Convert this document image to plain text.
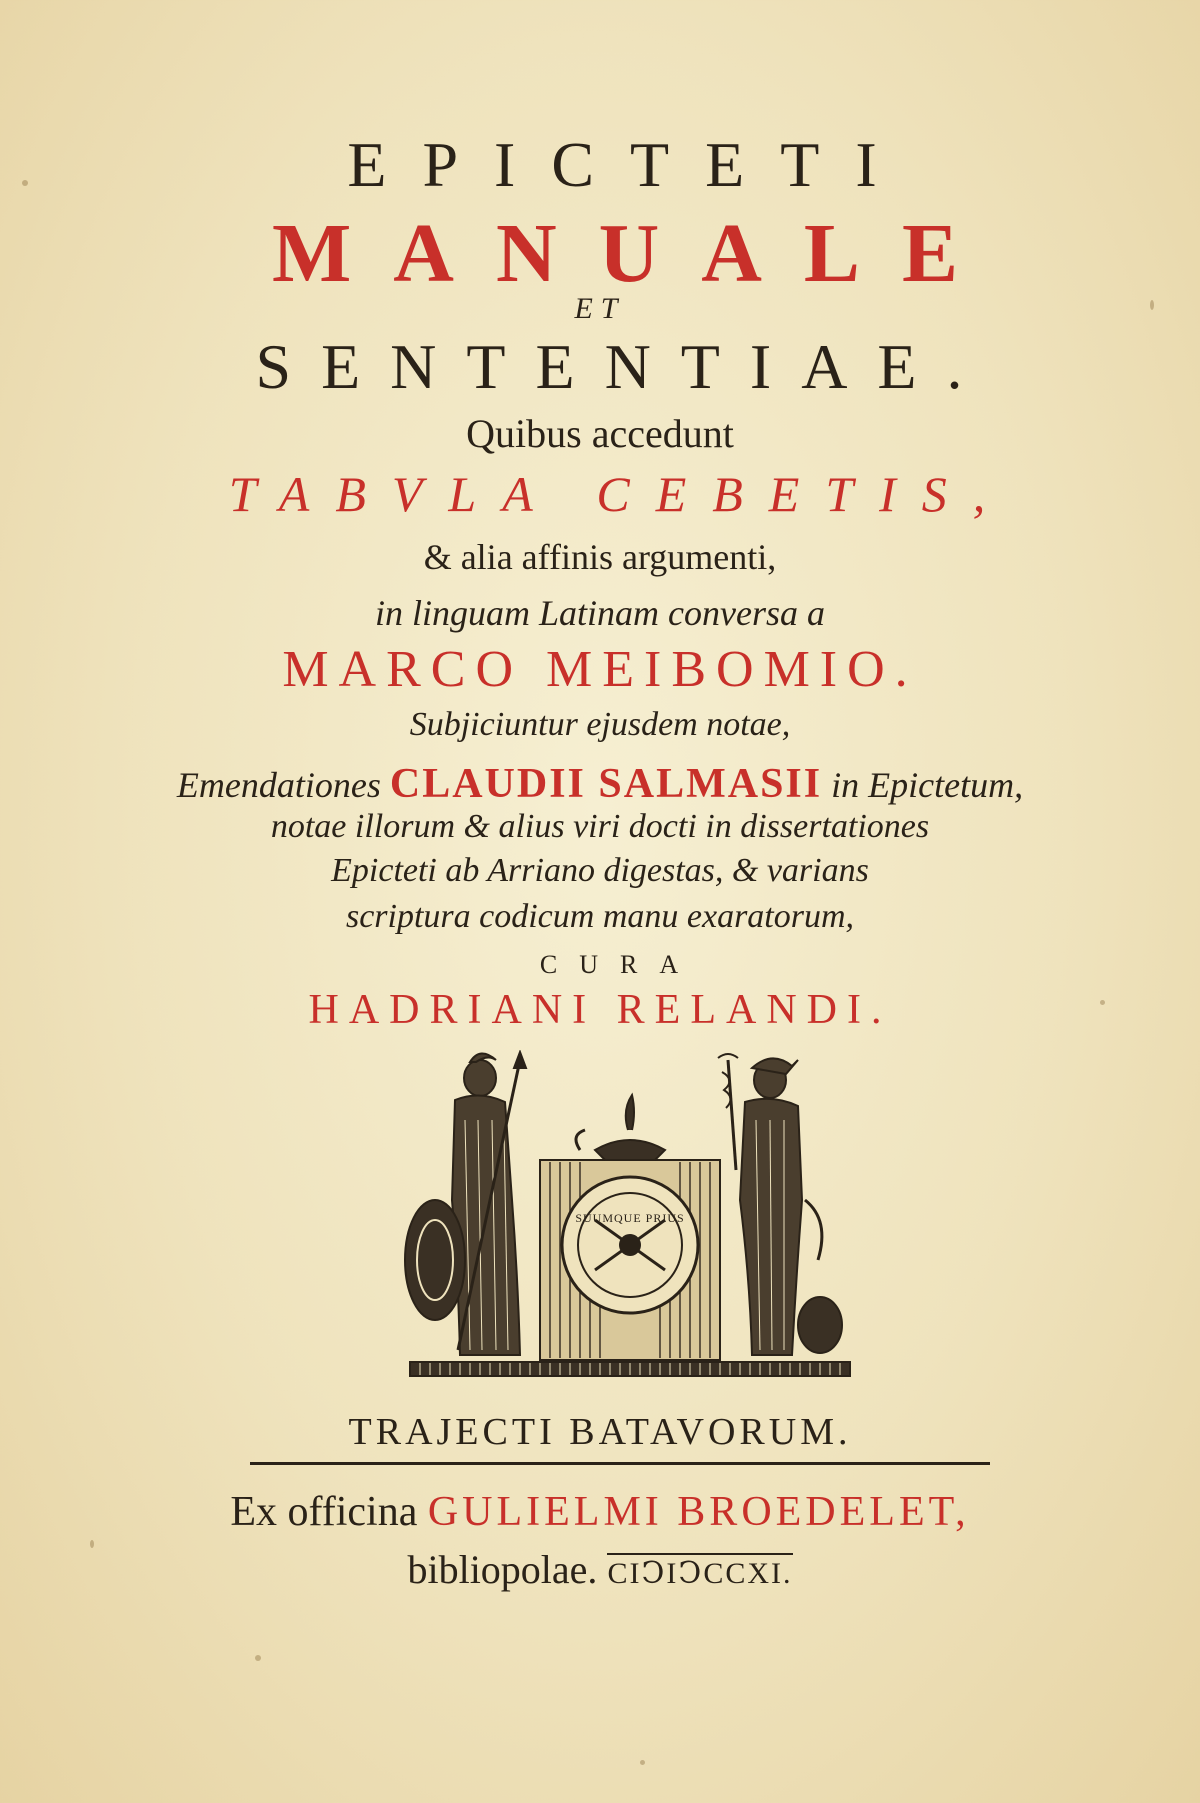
EPICTETI
MANUALE
ET
SENTENTIAE.
Quibus accedunt
TABVLA CEBETIS,
& alia affinis argumenti,
in linguam Latinam conversa a
MARCO MEIBOMIO.
Subjiciuntur ejusdem notae,
Emendationes CLAUDII SALMASII in Epictetum,
notae illorum & alius viri docti in dissertationes
Epicteti ab Arriano digestas, & varians
scriptura codicum manu exaratorum,
CURA
HADRIANI RELANDI.
SUUMQUE PRIUS
TRAJECTI BATAVORUM.
Ex officina GULIELMI BROEDELET,
bibliopolae. CIↃIↃCCXI.
